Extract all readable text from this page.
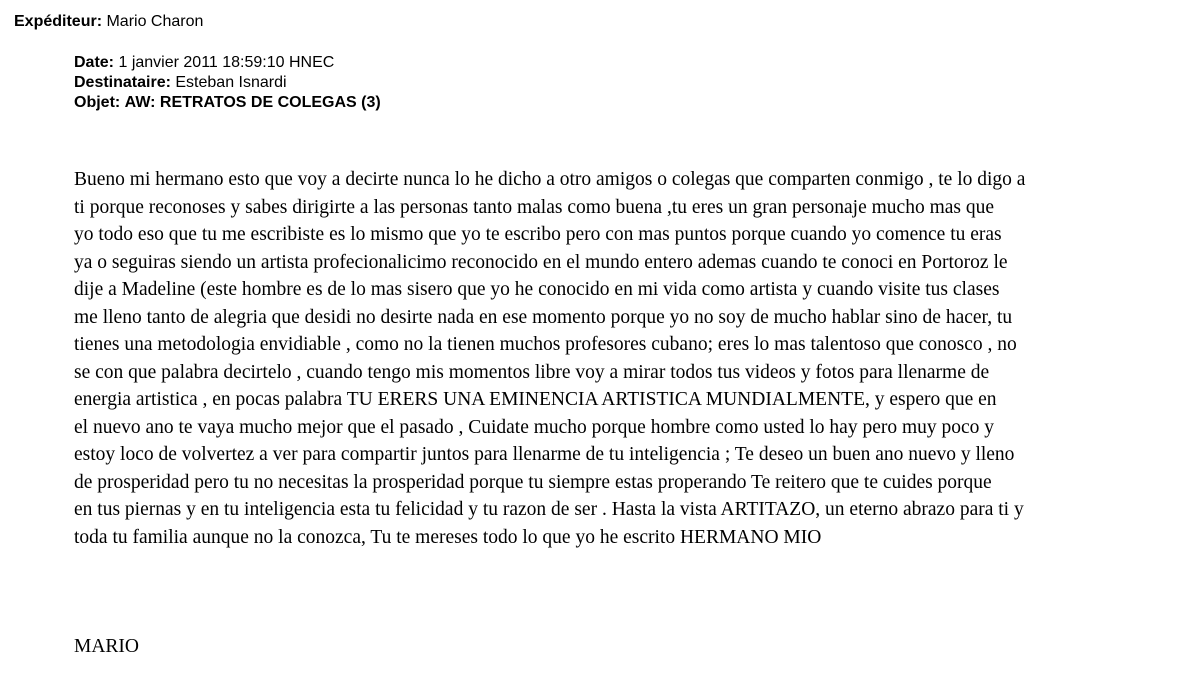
Expéditeur: Mario Charon
Date: 1 janvier 2011 18:59:10 HNEC
Destinataire: Esteban Isnardi
Objet: AW: RETRATOS DE COLEGAS (3)
Bueno mi hermano esto que voy a decirte nunca lo he dicho a otro amigos o colegas que comparten conmigo , te lo digo a
ti porque reconoses y sabes dirigirte a las personas tanto malas como buena ,tu eres un gran personaje mucho mas que
yo todo eso que tu me escribiste es lo mismo que yo te escribo pero con mas puntos porque cuando yo comence tu eras
ya o seguiras siendo un artista profecionalicimo reconocido en el mundo entero ademas cuando te conoci en Portoroz le
dije a Madeline (este hombre es de lo mas sisero que yo he conocido en mi vida como artista y cuando visite tus clases
me lleno tanto de alegria que desidi no desirte nada en ese momento porque yo no soy de mucho hablar sino de hacer, tu
tienes una metodologia envidiable , como no la tienen muchos profesores cubano; eres lo mas talentoso que conosco , no
se con que palabra decirtelo , cuando tengo mis momentos libre voy a mirar todos tus videos y fotos para llenarme de
energia artistica , en pocas palabra TU ERERS UNA EMINENCIA ARTISTICA MUNDIALMENTE, y espero que en
el nuevo ano te vaya mucho mejor que el pasado , Cuidate mucho porque hombre como usted lo hay pero muy poco y
estoy loco de volvertez a ver para compartir juntos para llenarme de tu inteligencia ; Te deseo un buen ano nuevo y lleno
de prosperidad pero tu no necesitas la prosperidad porque tu siempre estas properando Te reitero que te cuides porque
en tus piernas y en tu inteligencia esta tu felicidad y tu razon de ser . Hasta la vista ARTITAZO, un eterno abrazo para ti y
toda tu familia aunque no la conozca, Tu te mereses todo lo que yo he escrito HERMANO MIO
MARIO
